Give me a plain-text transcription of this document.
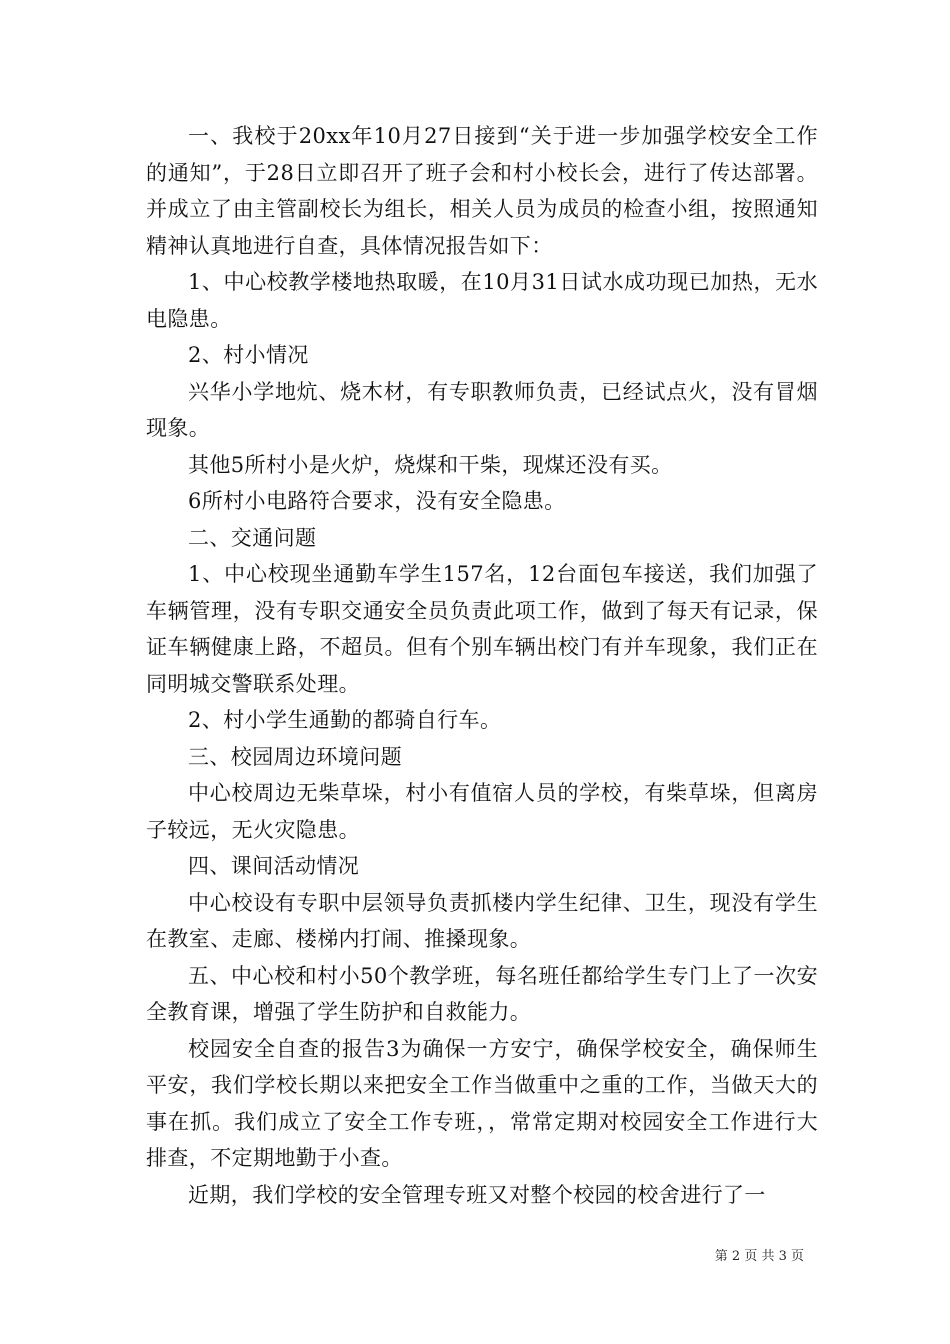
一、我校于20xx年10月27日接到“关于进一步加强学校安全工作的通知”，于28日立即召开了班子会和村小校长会，进行了传达部署。并成立了由主管副校长为组长，相关人员为成员的检查小组，按照通知精神认真地进行自查，具体情况报告如下：

1、中心校教学楼地热取暖，在10月31日试水成功现已加热，无水电隐患。

2、村小情况

兴华小学地炕、烧木材，有专职教师负责，已经试点火，没有冒烟现象。

其他5所村小是火炉，烧煤和干柴，现煤还没有买。

6所村小电路符合要求，没有安全隐患。

二、交通问题

1、中心校现坐通勤车学生157名，12台面包车接送，我们加强了车辆管理，没有专职交通安全员负责此项工作，做到了每天有记录，保证车辆健康上路，不超员。但有个别车辆出校门有并车现象，我们正在同明城交警联系处理。

2、村小学生通勤的都骑自行车。

三、校园周边环境问题

中心校周边无柴草垛，村小有值宿人员的学校，有柴草垛，但离房子较远，无火灾隐患。

四、课间活动情况

中心校设有专职中层领导负责抓楼内学生纪律、卫生，现没有学生在教室、走廊、楼梯内打闹、推搡现象。

五、中心校和村小50个教学班，每名班任都给学生专门上了一次安全教育课，增强了学生防护和自救能力。

校园安全自查的报告3为确保一方安宁，确保学校安全，确保师生平安，我们学校长期以来把安全工作当做重中之重的工作，当做天大的事在抓。我们成立了安全工作专班，，常常定期对校园安全工作进行大排查，不定期地勤于小查。

近期，我们学校的安全管理专班又对整个校园的校舍进行了一

第 2 页 共 3 页
